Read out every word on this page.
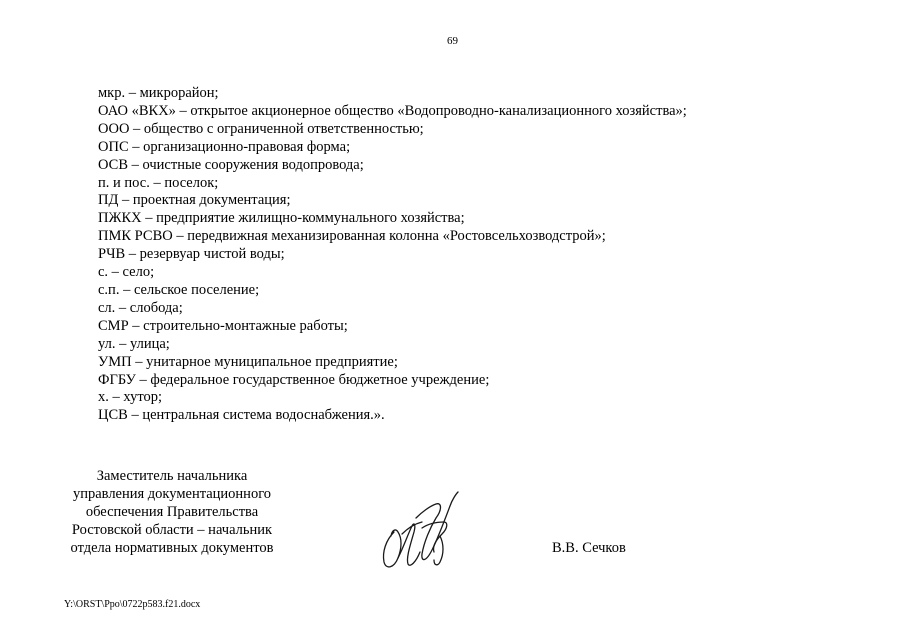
69
мкр. – микрорайон;
ОАО «ВКХ» – открытое акционерное общество «Водопроводно-канализационного хозяйства»;
ООО – общество с ограниченной ответственностью;
ОПС – организационно-правовая форма;
ОСВ – очистные сооружения водопровода;
п. и пос. – поселок;
ПД – проектная документация;
ПЖКХ – предприятие жилищно-коммунального хозяйства;
ПМК РСВО – передвижная механизированная колонна «Ростовсельхозводстрой»;
РЧВ – резервуар чистой воды;
с. – село;
с.п. – сельское поселение;
сл. – слобода;
СМР – строительно-монтажные работы;
ул. – улица;
УМП – унитарное муниципальное предприятие;
ФГБУ – федеральное государственное бюджетное учреждение;
х. – хутор;
ЦСВ – центральная система водоснабжения.».
Заместитель начальника
управления документационного
обеспечения Правительства
Ростовской области – начальник
отдела нормативных документов	В.В. Сечков
Y:\ORST\Ppo\0722p583.f21.docx
